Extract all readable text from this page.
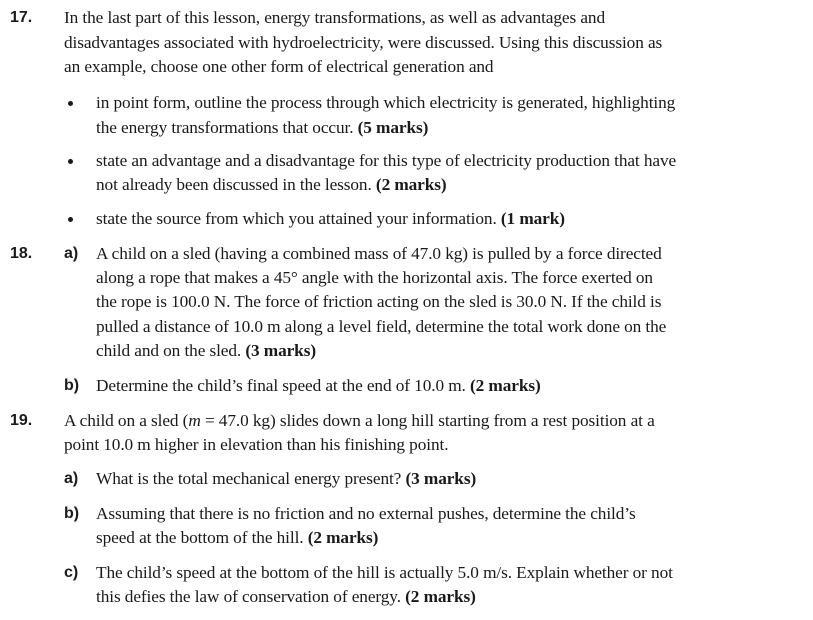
17. In the last part of this lesson, energy transformations, as well as advantages and
disadvantages associated with hydroelectricity, were discussed. Using this discussion as
an example, choose one other form of electrical generation and
in point form, outline the process through which electricity is generated, highlighting
the energy transformations that occur. (5 marks)
state an advantage and a disadvantage for this type of electricity production that have
not already been discussed in the lesson. (2 marks)
state the source from which you attained your information. (1 mark)
18. a) A child on a sled (having a combined mass of 47.0 kg) is pulled by a force directed
along a rope that makes a 45° angle with the horizontal axis. The force exerted on
the rope is 100.0 N. The force of friction acting on the sled is 30.0 N. If the child is
pulled a distance of 10.0 m along a level field, determine the total work done on the
child and on the sled. (3 marks)
b) Determine the child’s final speed at the end of 10.0 m. (2 marks)
19. A child on a sled (m = 47.0 kg) slides down a long hill starting from a rest position at a
point 10.0 m higher in elevation than his finishing point.
a) What is the total mechanical energy present? (3 marks)
b) Assuming that there is no friction and no external pushes, determine the child’s
speed at the bottom of the hill. (2 marks)
c) The child’s speed at the bottom of the hill is actually 5.0 m/s. Explain whether or not
this defies the law of conservation of energy. (2 marks)
